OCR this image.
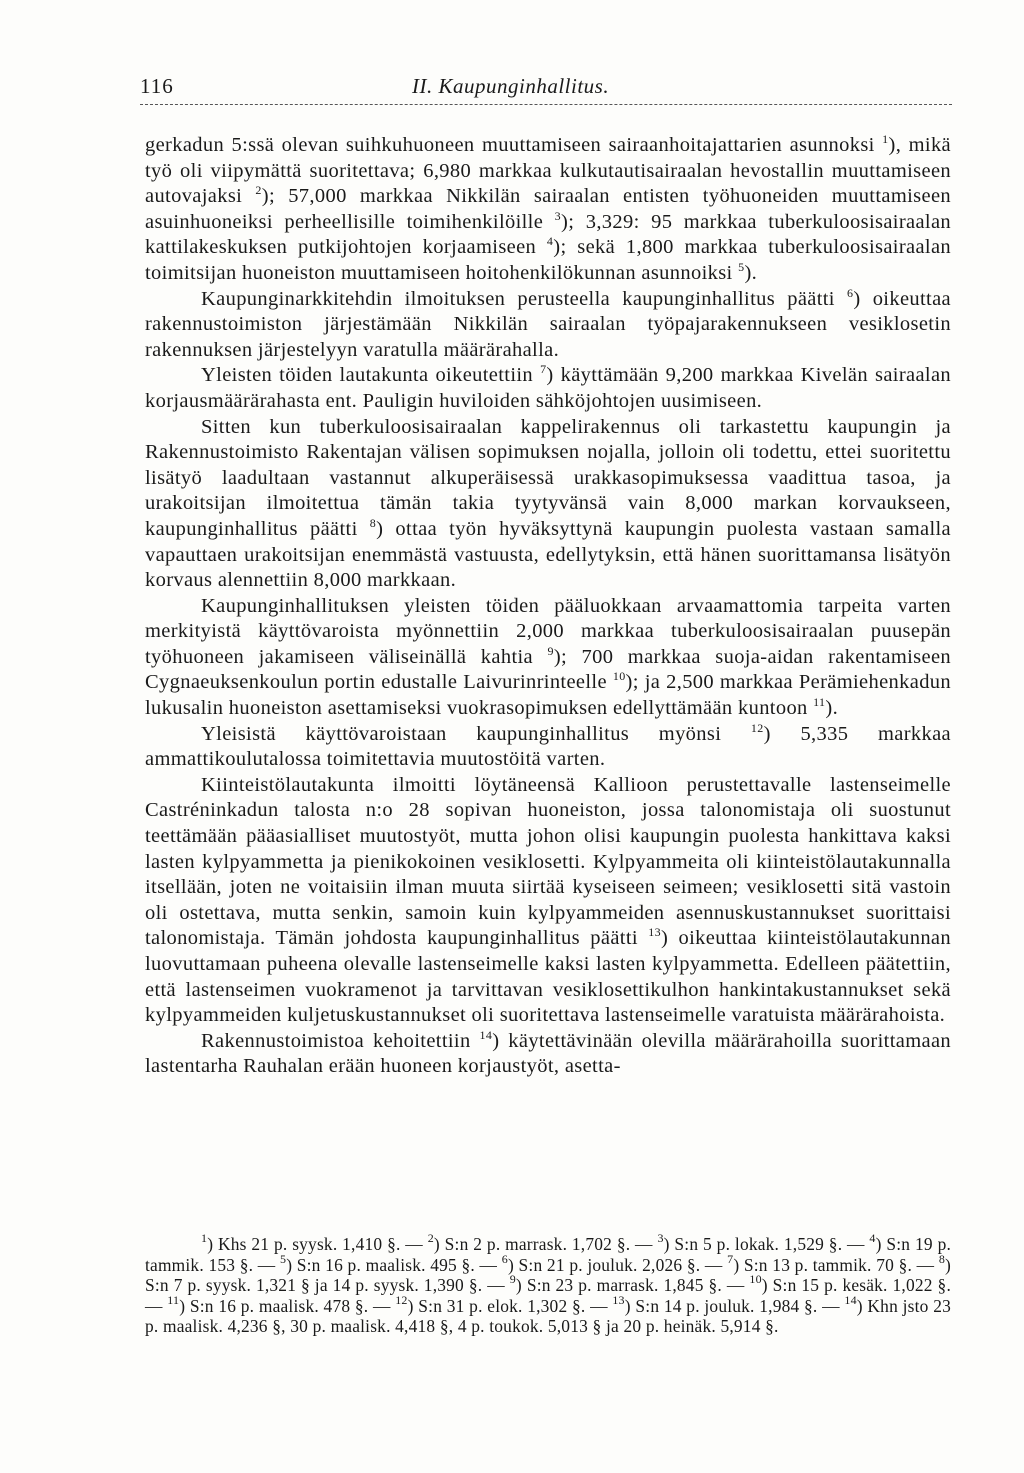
116	II. Kaupunginhallitus.

gerkadun 5:ssä olevan suihkuhuoneen muuttamiseen sairaanhoitajattarien asunnoksi $^1$), mikä työ oli viipymättä suoritettava; 6,980 markkaa kulkutautisairaalan hevostallin muuttamiseen autovajaksi $^2$); 57,000 markkaa Nikkilän sairaalan entisten työhuoneiden muuttamiseen asuinhuoneiksi perheellisille toimihenkilöille $^3$); 3,329: 95 markkaa tuberkuloosisairaalan kattilakeskuksen putkijohtojen korjaamiseen $^4$); sekä 1,800 markkaa tuberkuloosisairaalan toimitsijan huoneiston muuttamiseen hoitohenkilökunnan asunnoiksi $^5$).

Kaupunginarkkitehdin ilmoituksen perusteella kaupunginhallitus päätti $^6$) oikeuttaa rakennustoimiston järjestämään Nikkilän sairaalan työpajarakennukseen vesiklosetin rakennuksen järjestelyyn varatulla määrärahalla.

Yleisten töiden lautakunta oikeutettiin $^7$) käyttämään 9,200 markkaa Kivelän sairaalan korjausmäärärahasta ent. Pauligin huviloiden sähköjohtojen uusimiseen.

Sitten kun tuberkuloosisairaalan kappelirakennus oli tarkastettu kaupungin ja Rakennustoimisto Rakentajan välisen sopimuksen nojalla, jolloin oli todettu, ettei suoritettu lisätyö laadultaan vastannut alkuperäisessä urakkasopimuksessa vaadittua tasoa, ja urakoitsijan ilmoitettua tämän takia tyytyvänsä vain 8,000 markan korvaukseen, kaupunginhallitus päätti $^8$) ottaa työn hyväksyttynä kaupungin puolesta vastaan samalla vapauttaen urakoitsijan enemmästä vastuusta, edellytyksin, että hänen suorittamansa lisätyön korvaus alennettiin 8,000 markkaan.

Kaupunginhallituksen yleisten töiden pääluokkaan arvaamattomia tarpeita varten merkityistä käyttövaroista myönnettiin 2,000 markkaa tuberkuloosisairaalan puusepän työhuoneen jakamiseen väliseinällä kahtia $^9$); 700 markkaa suoja-aidan rakentamiseen Cygnaeuksenkoulun portin edustalle Laivurinrinteelle $^{10}$); ja 2,500 markkaa Perämiehenkadun lukusalin huoneiston asettamiseksi vuokrasopimuksen edellyttämään kuntoon $^{11}$).

Yleisistä käyttövaroistaan kaupunginhallitus myönsi $^{12}$) 5,335 markkaa ammattikoulutalossa toimitettavia muutostöitä varten.

Kiinteistölautakunta ilmoitti löytäneensä Kallioon perustettavalle lastenseimelle Castréninkadun talosta n:o 28 sopivan huoneiston, jossa talonomistaja oli suostunut teettämään pääasialliset muutostyöt, mutta johon olisi kaupungin puolesta hankittava kaksi lasten kylpyammetta ja pienikokoinen vesiklosetti. Kylpyammeita oli kiinteistölautakunnalla itsellään, joten ne voitaisiin ilman muuta siirtää kyseiseen seimeen; vesiklosetti sitä vastoin oli ostettava, mutta senkin, samoin kuin kylpyammeiden asennuskustannukset suorittaisi talonomistaja. Tämän johdosta kaupunginhallitus päätti $^{13}$) oikeuttaa kiinteistölautakunnan luovuttamaan puheena olevalle lastenseimelle kaksi lasten kylpyammetta. Edelleen päätettiin, että lastenseimen vuokramenot ja tarvittavan vesiklosettikulhon hankintakustannukset sekä kylpyammeiden kuljetuskustannukset oli suoritettava lastenseimelle varatuista määrärahoista.

Rakennustoimistoa kehoitettiin $^{14}$) käytettävinään olevilla määrärahoilla suorittamaan lastentarha Rauhalan erään huoneen korjaustyöt, asetta-

$^1$) Khs 21 p. syysk. 1,410 §. — $^2$) S:n 2 p. marrask. 1,702 §. — $^3$) S:n 5 p. lokak. 1,529 §. — $^4$) S:n 19 p. tammik. 153 §. — $^5$) S:n 16 p. maalisk. 495 §. — $^6$) S:n 21 p. jouluk. 2,026 §. — $^7$) S:n 13 p. tammik. 70 §. — $^8$) S:n 7 p. syysk. 1,321 § ja 14 p. syysk. 1,390 §. — $^9$) S:n 23 p. marrask. 1,845 §. — $^{10}$) S:n 15 p. kesäk. 1,022 §. — $^{11}$) S:n 16 p. maalisk. 478 §. — $^{12}$) S:n 31 p. elok. 1,302 §. — $^{13}$) S:n 14 p. jouluk. 1,984 §. — $^{14}$) Khn jsto 23 p. maalisk. 4,236 §, 30 p. maalisk. 4,418 §, 4 p. toukok. 5,013 § ja 20 p. heinäk. 5,914 §.
